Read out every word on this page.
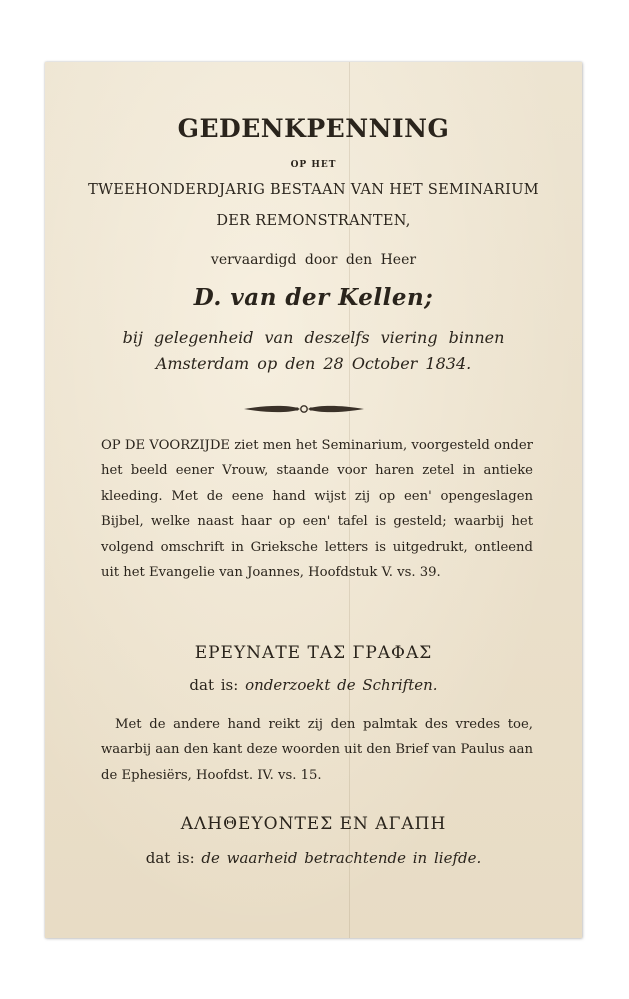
GEDENKPENNING
OP HET
TWEEHONDERDJARIG BESTAAN VAN HET SEMINARIUM
DER REMONSTRANTEN,
vervaardigd door den Heer
D. van der Kellen;
bij gelegenheid van deszelfs viering binnen
Amsterdam op den 28 October 1834.
OP DE VOORZIJDE ziet men het Seminarium, voorgesteld onder het beeld eener Vrouw, staande voor haren zetel in antieke kleeding. Met de eene hand wijst zij op een' opengeslagen Bijbel, welke naast haar op een' tafel is gesteld; waarbij het volgend omschrift in Grieksche letters is uitgedrukt, ontleend uit het Evangelie van Joannes, Hoofdstuk V. vs. 39.
ΕΡΕΥΝΑΤΕ ΤΑΣ ΓΡΑΦΑΣ
dat is: onderzoekt de Schriften.
Met de andere hand reikt zij den palmtak des vredes toe, waarbij aan den kant deze woorden uit den Brief van Paulus aan de Ephesiërs, Hoofdst. IV. vs. 15.
ΑΛΗΘΕΥΟΝΤΕΣ ΕΝ ΑΓΑΠΗ
dat is: de waarheid betrachtende in liefde.
